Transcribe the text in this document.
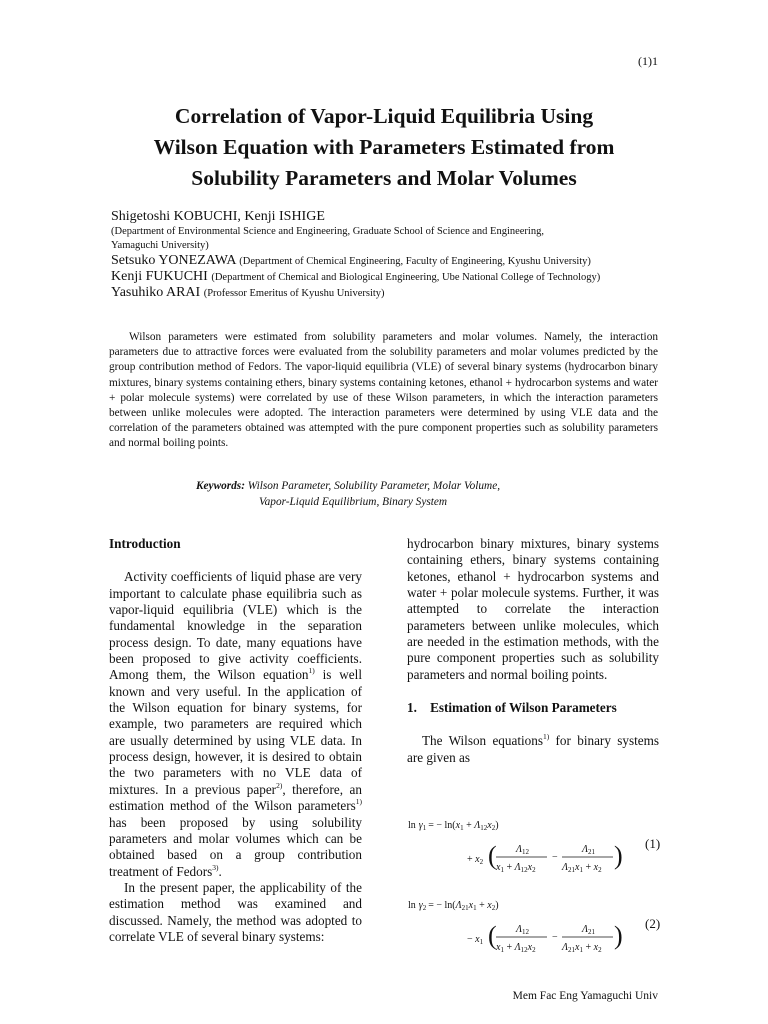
(1)1
Correlation of Vapor-Liquid Equilibria Using
Wilson Equation with Parameters Estimated from
Solubility Parameters and Molar Volumes
Shigetoshi KOBUCHI, Kenji ISHIGE
(Department of Environmental Science and Engineering, Graduate School of Science and Engineering,
Yamaguchi University)
Setsuko YONEZAWA (Department of Chemical Engineering, Faculty of Engineering, Kyushu University)
Kenji FUKUCHI (Department of Chemical and Biological Engineering, Ube National College of Technology)
Yasuhiko ARAI (Professor Emeritus of Kyushu University)
Wilson parameters were estimated from solubility parameters and molar volumes. Namely, the interaction parameters due to attractive forces were evaluated from the solubility parameters and molar volumes predicted by the group contribution method of Fedors. The vapor-liquid equilibria (VLE) of several binary systems (hydrocarbon binary mixtures, binary systems containing ethers, binary systems containing ketones, ethanol + hydrocarbon systems and water + polar molecule systems) were correlated by use of these Wilson parameters, in which the interaction parameters between unlike molecules were adopted. The interaction parameters were determined by using VLE data and the correlation of the parameters obtained was attempted with the pure component properties such as solubility parameters and normal boiling points.
Keywords: Wilson Parameter, Solubility Parameter, Molar Volume,
Vapor-Liquid Equilibrium, Binary System

Introduction

Activity coefficients of liquid phase are very important to calculate phase equilibria such as vapor-liquid equilibria (VLE) which is the fundamental knowledge in the separation process design. To date, many equations have been proposed to give activity coefficients. Among them, the Wilson equation$^{1)}$ is well known and very useful. In the application of the Wilson equation for binary systems, for example, two parameters are required which are usually determined by using VLE data. In process design, however, it is desired to obtain the two parameters with no VLE data of mixtures. In a previous paper$^{2)}$, therefore, an estimation method of the Wilson parameters$^{1)}$ has been proposed by using solubility parameters and molar volumes which can be obtained based on a group contribution treatment of Fedors$^{3)}$.

In the present paper, the applicability of the estimation method was examined and discussed. Namely, the method was adopted to correlate VLE of several binary systems:

hydrocarbon binary mixtures, binary systems containing ethers, binary systems containing ketones, ethanol + hydrocarbon systems and water + polar molecule systems. Further, it was attempted to correlate the interaction parameters between unlike molecules, which are needed in the estimation methods, with the pure component properties such as solubility parameters and normal boiling points.

1.    Estimation of Wilson Parameters

The Wilson equations$^{1)}$ for binary systems are given as

$\ln \gamma_1$ = − $\ln(x_1 + \Lambda_{12}x_2)$
+ $x_2$ ( $\Lambda_{12}$
$x_1 + \Lambda_{12}x_2$
−
$\Lambda_{21}$
$\Lambda_{21}x_1 + x_2$ ) (1)
$\ln \gamma_2$ = − $\ln(\Lambda_{21}x_1 + x_2)$
− $x_1$ ( $\Lambda_{12}$
$x_1 + \Lambda_{12}x_2$
−
$\Lambda_{21}$
$\Lambda_{21}x_1 + x_2$ ) (2)
Mem Fac Eng Yamaguchi Univ
